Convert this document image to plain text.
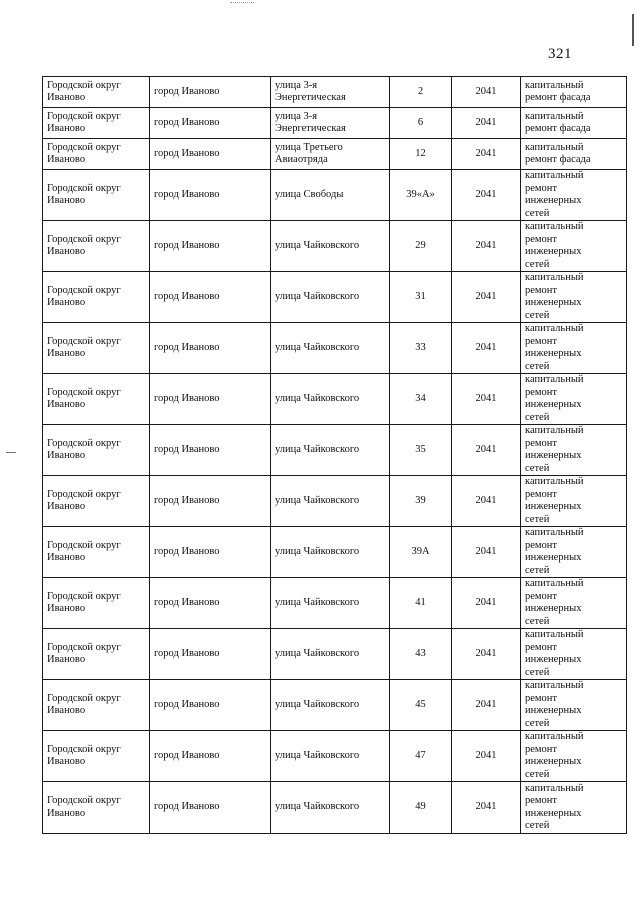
321
Городской округ Иваново	город Иваново	улица 3-я Энергетическая	2	2041	капитальный ремонт фасада

Городской округ Иваново	город Иваново	улица 3-я Энергетическая	6	2041	капитальный ремонт фасада

Городской округ Иваново	город Иваново	улица Третьего Авиаотряда	12	2041	капитальный ремонт фасада

Городской округ Иваново	город Иваново	улица Свободы	39«А»	2041	капитальный ремонт инженерных сетей

Городской округ Иваново	город Иваново	улица Чайковского	29	2041	капитальный ремонт инженерных сетей

Городской округ Иваново	город Иваново	улица Чайковского	31	2041	капитальный ремонт инженерных сетей

Городской округ Иваново	город Иваново	улица Чайковского	33	2041	капитальный ремонт инженерных сетей

Городской округ Иваново	город Иваново	улица Чайковского	34	2041	капитальный ремонт инженерных сетей

Городской округ Иваново	город Иваново	улица Чайковского	35	2041	капитальный ремонт инженерных сетей

Городской округ Иваново	город Иваново	улица Чайковского	39	2041	капитальный ремонт инженерных сетей

Городской округ Иваново	город Иваново	улица Чайковского	39А	2041	капитальный ремонт инженерных сетей

Городской округ Иваново	город Иваново	улица Чайковского	41	2041	капитальный ремонт инженерных сетей

Городской округ Иваново	город Иваново	улица Чайковского	43	2041	капитальный ремонт инженерных сетей

Городской округ Иваново	город Иваново	улица Чайковского	45	2041	капитальный ремонт инженерных сетей

Городской округ Иваново	город Иваново	улица Чайковского	47	2041	капитальный ремонт инженерных сетей

Городской округ Иваново	город Иваново	улица Чайковского	49	2041	капитальный ремонт инженерных сетей
